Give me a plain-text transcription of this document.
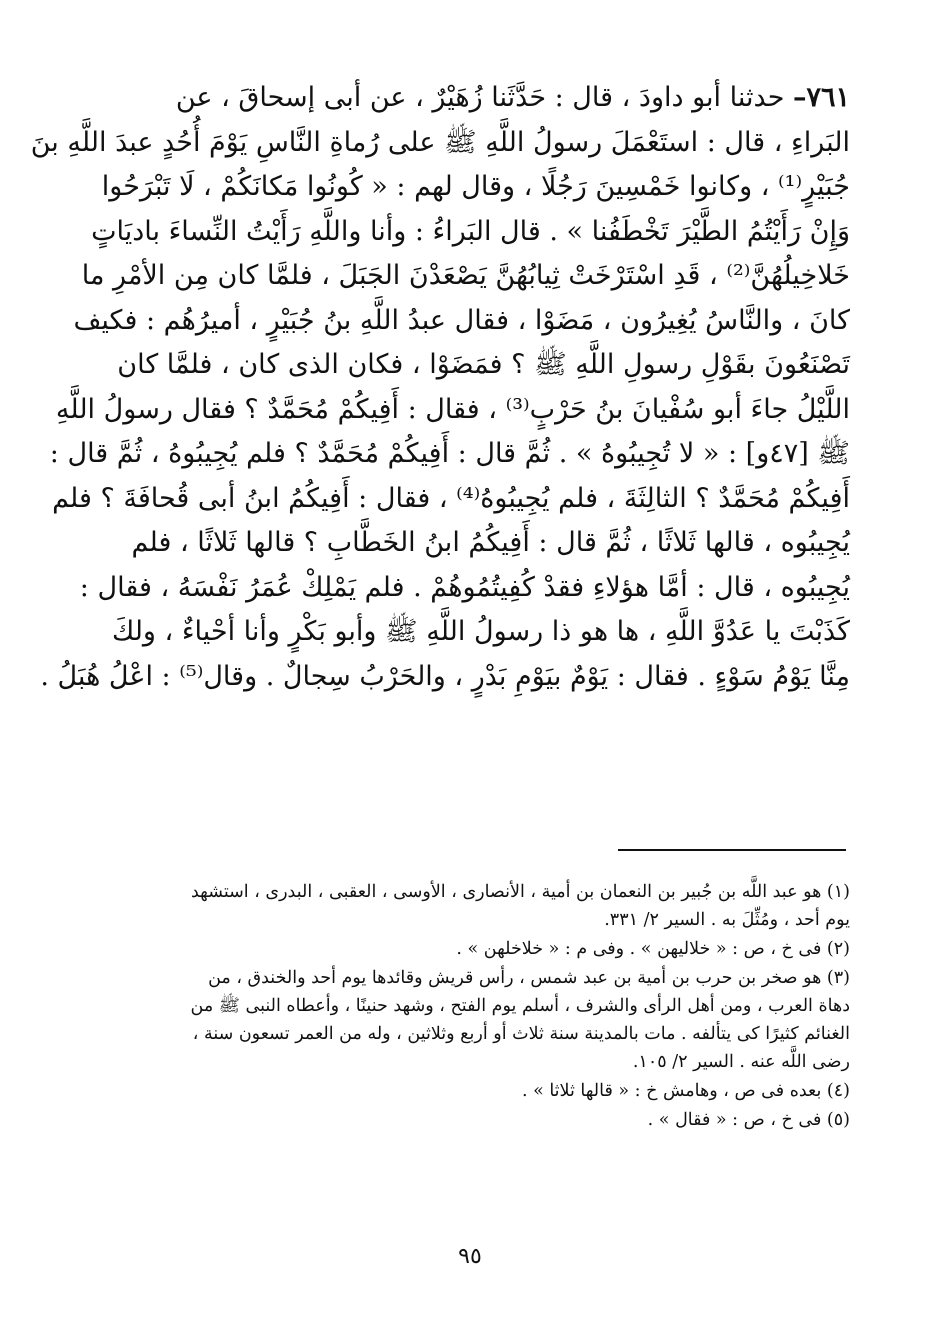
٧٦١– حدثنا أبو داودَ ، قال : حَدَّثَنا زُهَيْرٌ ، عن أبى إسحاقَ ، عن
البَراءِ ، قال : استَعْمَلَ رسولُ اللَّهِ ﷺ على رُماةِ النَّاسِ يَوْمَ أُحُدٍ عبدَ اللَّهِ بنَ
جُبَيْرٍ⁽¹⁾ ، وكانوا خَمْسِينَ رَجُلًا ، وقال لهم : « كُونُوا مَكانَكُمْ ، لَا تَبْرَحُوا
وَإِنْ رَأَيْتُمُ الطَّيْرَ تَخْطَفُنا » . قال البَراءُ : وأنا واللَّهِ رَأَيْتُ النِّساءَ باديَاتٍ
خَلاخِيلُهُنَّ⁽²⁾ ، قَدِ اسْتَرْخَتْ ثِيابُهُنَّ يَصْعَدْنَ الجَبَلَ ، فلمَّا كان مِن الأمْرِ ما
كانَ ، والنَّاسُ يُغِيرُون ، مَضَوْا ، فقال عبدُ اللَّهِ بنُ جُبَيْرٍ ، أميرُهُم : فكيف
تَصْنَعُونَ بقَوْلِ رسولِ اللَّهِ ﷺ ؟ فمَضَوْا ، فكان الذى كان ، فلمَّا كان
اللَّيْلُ جاءَ أبو سُفْيانَ بنُ حَرْبٍ⁽³⁾ ، فقال : أَفِيكُمْ مُحَمَّدٌ ؟ فقال رسولُ اللَّهِ
ﷺ [٤٧و] : « لا تُجِيبُوهُ » . ثُمَّ قال : أَفِيكُمْ مُحَمَّدٌ ؟ فلم يُجِيبُوهُ ، ثُمَّ قال :
أَفِيكُمْ مُحَمَّدٌ ؟ الثالِثَةَ ، فلم يُجِيبُوهُ⁽⁴⁾ ، فقال : أَفِيكُمُ ابنُ أبى قُحافَةَ ؟ فلم
يُجِيبُوه ، قالها ثَلاثًا ، ثُمَّ قال : أَفِيكُمُ ابنُ الخَطَّابِ ؟ قالها ثَلاثًا ، فلم
يُجِيبُوه ، قال : أمَّا هؤلاءِ فقدْ كُفِيتُمُوهُمْ . فلم يَمْلِكْ عُمَرُ نَفْسَهُ ، فقال :
كَذَبْتَ يا عَدُوَّ اللَّهِ ، ها هو ذا رسولُ اللَّهِ ﷺ وأبو بَكْرٍ وأنا أحْياءٌ ، ولكَ
مِنَّا يَوْمُ سَوْءٍ . فقال : يَوْمٌ بيَوْمِ بَدْرٍ ، والحَرْبُ سِجالٌ . وقال⁽⁵⁾ : اعْلُ هُبَلُ .
(١) هو عبد اللَّه بن جُبير بن النعمان بن أمية ، الأنصارى ، الأوسى ، العقبى ، البدرى ، استشهد
يوم أحد ، ومُثِّلَ به . السير ٢/ ٣٣١.
(٢) فى خ ، ص : « خلاليهن » . وفى م : « خلاخلهن » .
(٣) هو صخر بن حرب بن أمية بن عبد شمس ، رأس قريش وقائدها يوم أحد والخندق ، من
دهاة العرب ، ومن أهل الرأى والشرف ، أسلم يوم الفتح ، وشهد حنينًا ، وأعطاه النبى ﷺ من
الغنائم كثيرًا كى يتألفه . مات بالمدينة سنة ثلاث أو أربع وثلاثين ، وله من العمر تسعون سنة ،
رضى اللَّه عنه . السير ٢/ ١٠٥.
(٤) بعده فى ص ، وهامش خ : « قالها ثلاثا » .
(٥) فى خ ، ص : « فقال » .
٩٥
